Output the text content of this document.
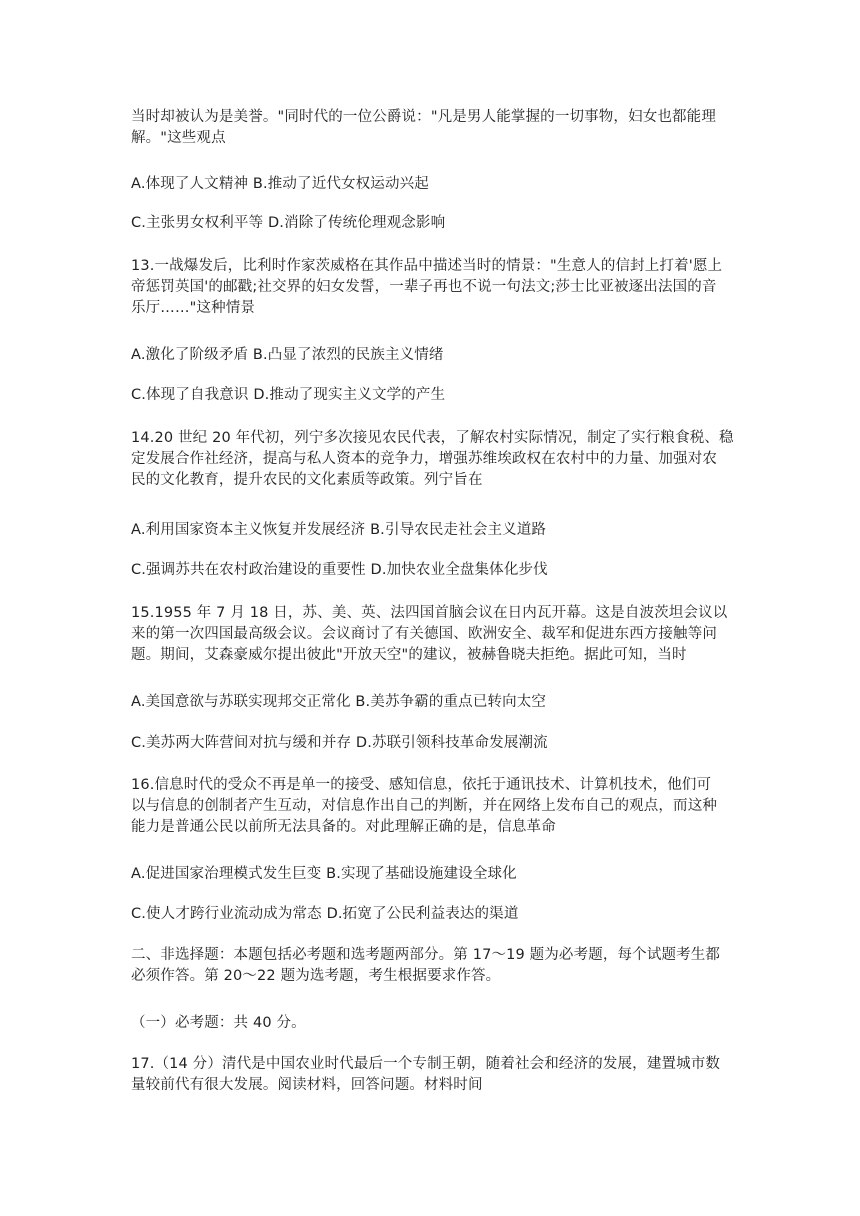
当时却被认为是美誉。"同时代的一位公爵说："凡是男人能掌握的一切事物，妇女也都能理
解。"这些观点
A.体现了人文精神 B.推动了近代女权运动兴起
C.主张男女权利平等 D.消除了传统伦理观念影响
13.一战爆发后，比利时作家茨威格在其作品中描述当时的情景："生意人的信封上打着'愿上
帝惩罚英国'的邮戳;社交界的妇女发誓，一辈子再也不说一句法文;莎士比亚被逐出法国的音
乐厅……"这种情景
A.激化了阶级矛盾 B.凸显了浓烈的民族主义情绪
C.体现了自我意识 D.推动了现实主义文学的产生
14.20 世纪 20 年代初，列宁多次接见农民代表，了解农村实际情况，制定了实行粮食税、稳
定发展合作社经济，提高与私人资本的竞争力，增强苏维埃政权在农村中的力量、加强对农
民的文化教育，提升农民的文化素质等政策。列宁旨在
A.利用国家资本主义恢复并发展经济 B.引导农民走社会主义道路
C.强调苏共在农村政治建设的重要性 D.加快农业全盘集体化步伐
15.1955 年 7 月 18 日，苏、美、英、法四国首脑会议在日内瓦开幕。这是自波茨坦会议以
来的第一次四国最高级会议。会议商讨了有关德国、欧洲安全、裁军和促进东西方接触等问
题。期间，艾森豪威尔提出彼此"开放天空"的建议，被赫鲁晓夫拒绝。据此可知，当时
A.美国意欲与苏联实现邦交正常化 B.美苏争霸的重点已转向太空
C.美苏两大阵营间对抗与缓和并存 D.苏联引领科技革命发展潮流
16.信息时代的受众不再是单一的接受、感知信息，依托于通讯技术、计算机技术，他们可
以与信息的创制者产生互动，对信息作出自己的判断，并在网络上发布自己的观点，而这种
能力是普通公民以前所无法具备的。对此理解正确的是，信息革命
A.促进国家治理模式发生巨变 B.实现了基础设施建设全球化
C.使人才跨行业流动成为常态 D.拓宽了公民利益表达的渠道
二、非选择题：本题包括必考题和选考题两部分。第 17～19 题为必考题，每个试题考生都
必须作答。第 20～22 题为选考题，考生根据要求作答。
（一）必考题：共 40 分。
17.（14 分）清代是中国农业时代最后一个专制王朝，随着社会和经济的发展，建置城市数
量较前代有很大发展。阅读材料，回答问题。材料时间
